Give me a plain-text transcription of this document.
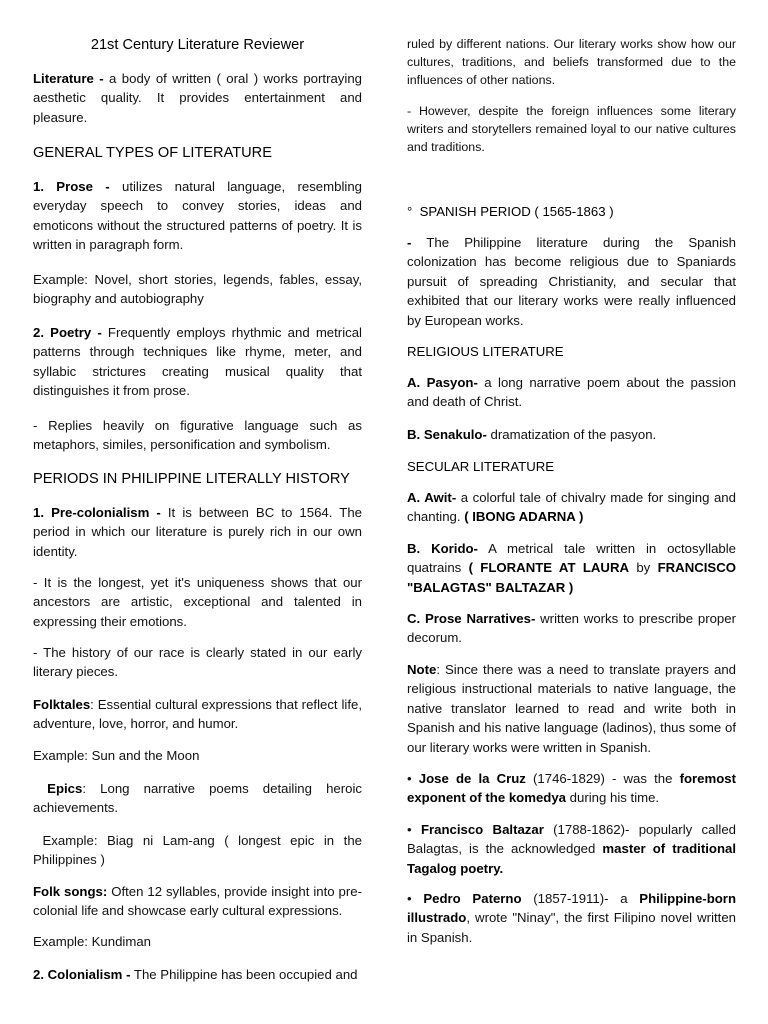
21st Century Literature Reviewer

Literature - a body of written ( oral ) works portraying aesthetic quality. It provides entertainment and pleasure.

GENERAL TYPES OF LITERATURE

1. Prose - utilizes natural language, resembling everyday speech to convey stories, ideas and emoticons without the structured patterns of poetry. It is written in paragraph form.

Example: Novel, short stories, legends, fables, essay, biography and autobiography

2. Poetry - Frequently employs rhythmic and metrical patterns through techniques like rhyme, meter, and syllabic strictures creating musical quality that distinguishes it from prose.

- Replies heavily on figurative language such as metaphors, similes, personification and symbolism.

PERIODS IN PHILIPPINE LITERALLY HISTORY

1. Pre-colonialism - It is between BC to 1564. The period in which our literature is purely rich in our own identity.

- It is the longest, yet it's uniqueness shows that our ancestors are artistic, exceptional and talented in expressing their emotions.

- The history of our race is clearly stated in our early literary pieces.

Folktales: Essential cultural expressions that reflect life, adventure, love, horror, and humor.

Example: Sun and the Moon

Epics: Long narrative poems detailing heroic achievements.

Example: Biag ni Lam-ang ( longest epic in the Philippines )

Folk songs: Often 12 syllables, provide insight into pre-colonial life and showcase early cultural expressions.

Example: Kundiman

2. Colonialism - The Philippine has been occupied and

ruled by different nations. Our literary works show how our cultures, traditions, and beliefs transformed due to the influences of other nations.

- However, despite the foreign influences some literary writers and storytellers remained loyal to our native cultures and traditions.

° SPANISH PERIOD ( 1565-1863 )

- The Philippine literature during the Spanish colonization has become religious due to Spaniards pursuit of spreading Christianity, and secular that exhibited that our literary works were really influenced by European works.

RELIGIOUS LITERATURE

A. Pasyon- a long narrative poem about the passion and death of Christ.

B. Senakulo- dramatization of the pasyon.

SECULAR LITERATURE

A. Awit- a colorful tale of chivalry made for singing and chanting. ( IBONG ADARNA )

B. Korido- A metrical tale written in octosyllable quatrains ( FLORANTE AT LAURA by FRANCISCO "BALAGTAS" BALTAZAR )

C. Prose Narratives- written works to prescribe proper decorum.

Note: Since there was a need to translate prayers and religious instructional materials to native language, the native translator learned to read and write both in Spanish and his native language (ladinos), thus some of our literary works were written in Spanish.

• Jose de la Cruz (1746-1829) - was the foremost exponent of the komedya during his time.

• Francisco Baltazar (1788-1862)- popularly called Balagtas, is the acknowledged master of traditional Tagalog poetry.

• Pedro Paterno (1857-1911)- a Philippine-born illustrado, wrote "Ninay", the first Filipino novel written in Spanish.
